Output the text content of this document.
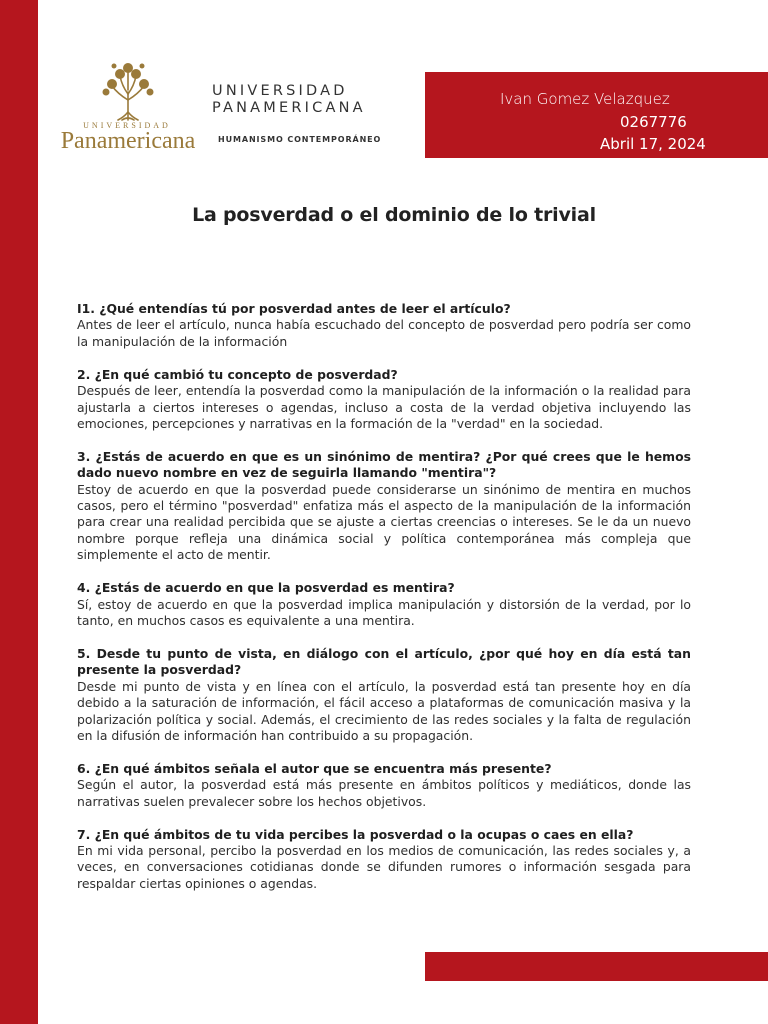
UNIVERSIDAD
Panamericana
UNIVERSIDAD
PANAMERICANA
HUMANISMO CONTEMPORÁNEO
Ivan Gomez Velazquez
0267776
Abril 17, 2024
La posverdad o el dominio de lo trivial
I1. ¿Qué entendías tú por posverdad antes de leer el artículo?
Antes de leer el artículo, nunca había escuchado del concepto de posverdad pero podría ser como la manipulación de la información
2. ¿En qué cambió tu concepto de posverdad?
Después de leer, entendía la posverdad como la manipulación de la información o la realidad para ajustarla a ciertos intereses o agendas, incluso a costa de la verdad objetiva incluyendo las emociones, percepciones y narrativas en la formación de la "verdad" en la sociedad.
3. ¿Estás de acuerdo en que es un sinónimo de mentira? ¿Por qué crees que le hemos dado nuevo nombre en vez de seguirla llamando "mentira"?
Estoy de acuerdo en que la posverdad puede considerarse un sinónimo de mentira en muchos casos, pero el término "posverdad" enfatiza más el aspecto de la manipulación de la información para crear una realidad percibida que se ajuste a ciertas creencias o intereses. Se le da un nuevo nombre porque refleja una dinámica social y política contemporánea más compleja que simplemente el acto de mentir.
4. ¿Estás de acuerdo en que la posverdad es mentira?
Sí, estoy de acuerdo en que la posverdad implica manipulación y distorsión de la verdad, por lo tanto, en muchos casos es equivalente a una mentira.
5. Desde tu punto de vista, en diálogo con el artículo, ¿por qué hoy en día está tan presente la posverdad?
Desde mi punto de vista y en línea con el artículo, la posverdad está tan presente hoy en día debido a la saturación de información, el fácil acceso a plataformas de comunicación masiva y la polarización política y social. Además, el crecimiento de las redes sociales y la falta de regulación en la difusión de información han contribuido a su propagación.
6. ¿En qué ámbitos señala el autor que se encuentra más presente?
Según el autor, la posverdad está más presente en ámbitos políticos y mediáticos, donde las narrativas suelen prevalecer sobre los hechos objetivos.
7. ¿En qué ámbitos de tu vida percibes la posverdad o la ocupas o caes en ella?
En mi vida personal, percibo la posverdad en los medios de comunicación, las redes sociales y, a veces, en conversaciones cotidianas donde se difunden rumores o información sesgada para respaldar ciertas opiniones o agendas.
